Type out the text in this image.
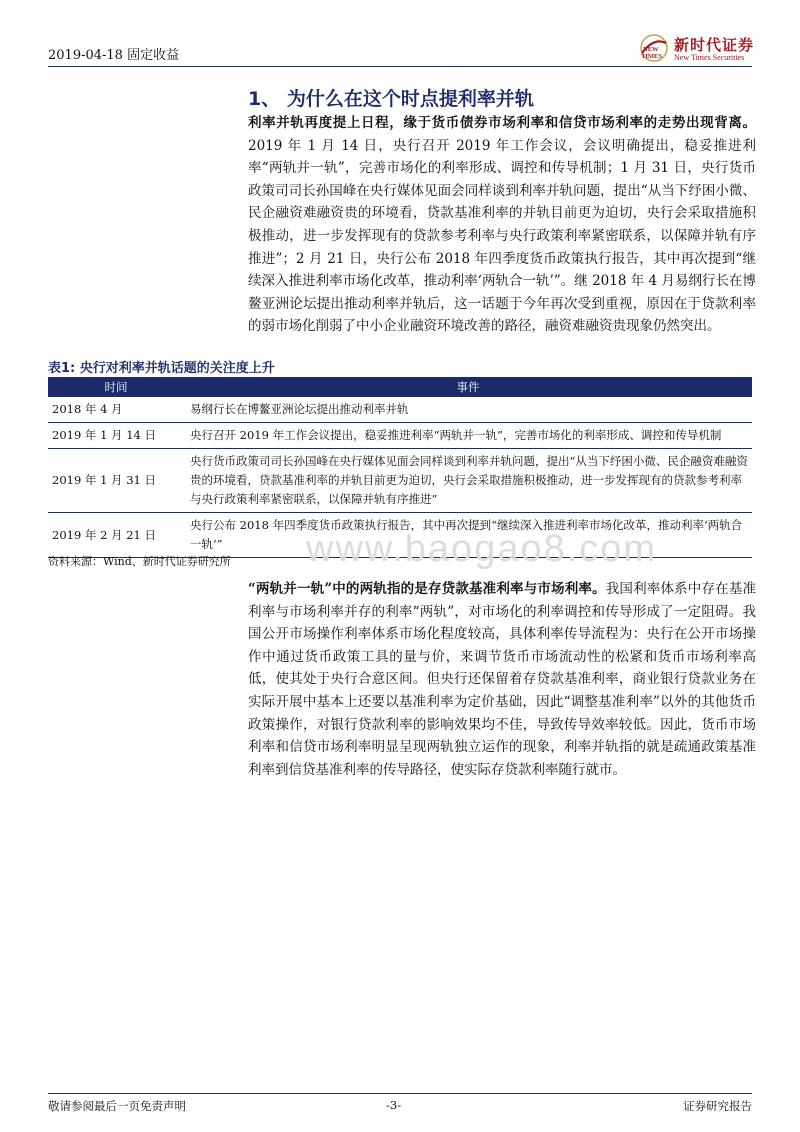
2019-04-18 固定收益	NEW
TIMES
新时代证券
New Times Securities
1、 为什么在这个时点提利率并轨
利率并轨再度提上日程，缘于货币债券市场利率和信贷市场利率的走势出现背离。2019 年 1 月 14 日，央行召开 2019 年工作会议，会议明确提出，稳妥推进利率“两轨并一轨”，完善市场化的利率形成、调控和传导机制；1 月 31 日，央行货币政策司司长孙国峰在央行媒体见面会同样谈到利率并轨问题，提出“从当下纾困小微、民企融资难融资贵的环境看，贷款基准利率的并轨目前更为迫切，央行会采取措施积极推动，进一步发挥现有的贷款参考利率与央行政策利率紧密联系，以保障并轨有序推进”；2 月 21 日，央行公布 2018 年四季度货币政策执行报告，其中再次提到“继续深入推进利率市场化改革，推动利率‘两轨合一轨’”。继 2018 年 4 月易纲行长在博鳌亚洲论坛提出推动利率并轨后，这一话题于今年再次受到重视，原因在于贷款利率的弱市场化削弱了中小企业融资环境改善的路径，融资难融资贵现象仍然突出。
表1: 央行对利率并轨话题的关注度上升
时间	事件
2018 年 4 月	易纲行长在博鳌亚洲论坛提出推动利率并轨
2019 年 1 月 14 日	央行召开 2019 年工作会议提出，稳妥推进利率“两轨并一轨”，完善市场化的利率形成、调控和传导机制
2019 年 1 月 31 日	央行货币政策司司长孙国峰在央行媒体见面会同样谈到利率并轨问题，提出“从当下纾困小微、民企融资难融资贵的环境看，贷款基准利率的并轨目前更为迫切，央行会采取措施积极推动，进一步发挥现有的贷款参考利率与央行政策利率紧密联系，以保障并轨有序推进”
2019 年 2 月 21 日	央行公布 2018 年四季度货币政策执行报告，其中再次提到“继续深入推进利率市场化改革，推动利率‘两轨合一轨’”
资料来源：Wind、新时代证券研究所 www.baogao8.com
“两轨并一轨”中的两轨指的是存贷款基准利率与市场利率。我国利率体系中存在基准利率与市场利率并存的利率“两轨”，对市场化的利率调控和传导形成了一定阻碍。我国公开市场操作利率体系市场化程度较高，具体利率传导流程为：央行在公开市场操作中通过货币政策工具的量与价，来调节货币市场流动性的松紧和货币市场利率高低，使其处于央行合意区间。但央行还保留着存贷款基准利率，商业银行贷款业务在实际开展中基本上还要以基准利率为定价基础，因此“调整基准利率”以外的其他货币政策操作，对银行贷款利率的影响效果均不佳，导致传导效率较低。因此，货币市场利率和信贷市场利率明显呈现两轨独立运作的现象，利率并轨指的就是疏通政策基准利率到信贷基准利率的传导路径，使实际存贷款利率随行就市。
敬请参阅最后一页免责声明	-3-	证券研究报告
